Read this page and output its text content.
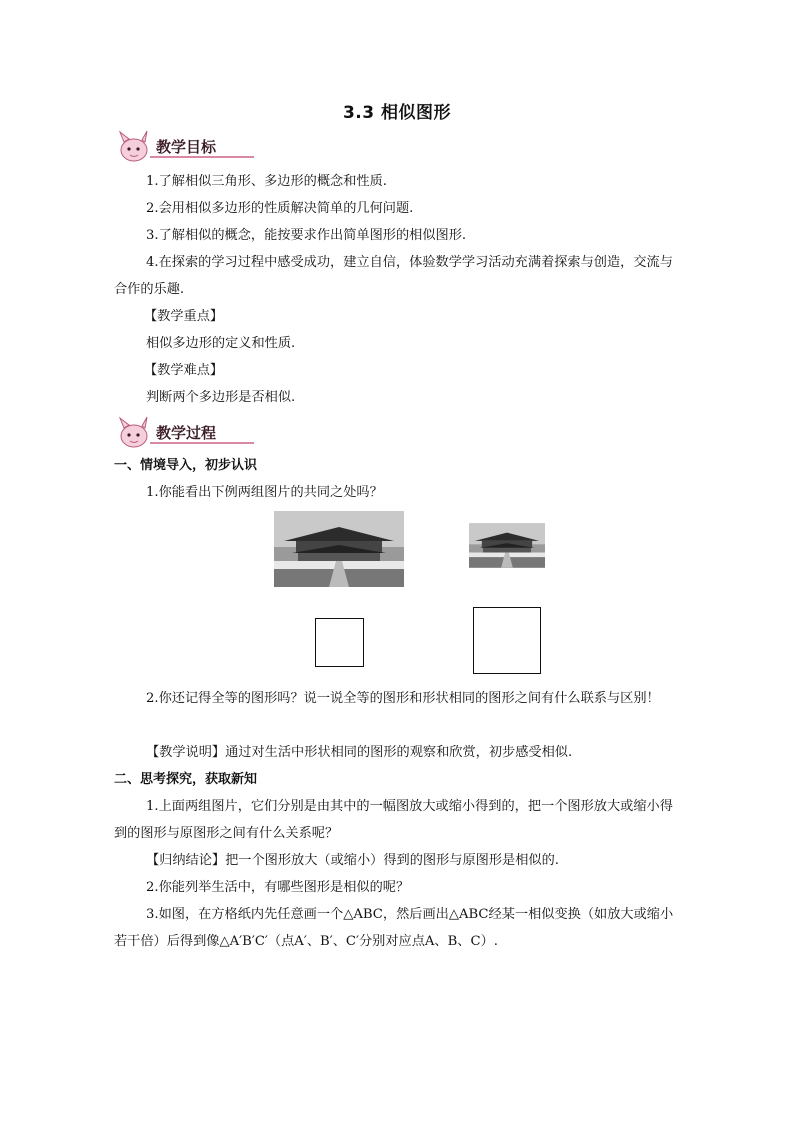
3.3 相似图形
教学目标
1.了解相似三角形、多边形的概念和性质.
2.会用相似多边形的性质解决简单的几何问题.
3.了解相似的概念，能按要求作出简单图形的相似图形.
4.在探索的学习过程中感受成功，建立自信，体验数学学习活动充满着探索与创造，交流与合作的乐趣.
【教学重点】
相似多边形的定义和性质.
【教学难点】
判断两个多边形是否相似.
教学过程
一、情境导入，初步认识
1.你能看出下例两组图片的共同之处吗？
2.你还记得全等的图形吗？说一说全等的图形和形状相同的图形之间有什么联系与区别！
【教学说明】通过对生活中形状相同的图形的观察和欣赏，初步感受相似.
二、思考探究，获取新知
1.上面两组图片，它们分别是由其中的一幅图放大或缩小得到的，把一个图形放大或缩小得到的图形与原图形之间有什么关系呢？
【归纳结论】把一个图形放大（或缩小）得到的图形与原图形是相似的.
2.你能列举生活中，有哪些图形是相似的呢？
3.如图，在方格纸内先任意画一个△ABC，然后画出△ABC经某一相似变换（如放大或缩小若干倍）后得到像△A′B′C′（点A′、B′、C′分别对应点A、B、C）.
